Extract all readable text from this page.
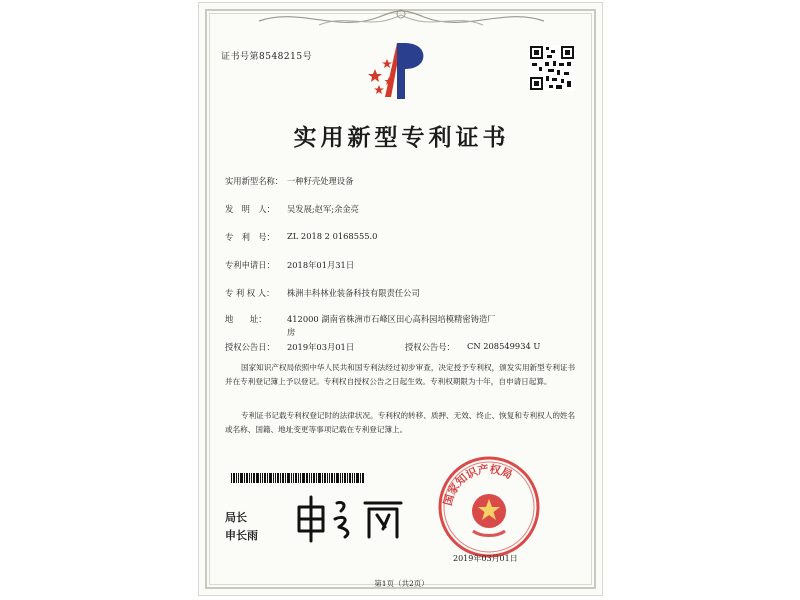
证书号第8548215号
实用新型专利证书
实用新型名称： 一种籽壳处理设备
发　明　人：	吴发展;赵军;余金亮
专　利　号：	ZL 2018 2 0168555.0
专利申请日：	2018年01月31日
专 利 权 人：	株洲丰科林业装备科技有限责任公司
地　　址：	412000 湖南省株洲市石峰区田心高科园培模精密铸造厂房
授权公告日：	2019年03月01日	授权公告号：	CN 208549934 U
国家知识产权局依照中华人民共和国专利法经过初步审查，决定授予专利权，颁发实用新型专利证书并在专利登记簿上予以登记。专利权自授权公告之日起生效。专利权期限为十年，自申请日起算。
专利证书记载专利权登记时的法律状况。专利权的转移、质押、无效、终止、恢复和专利权人的姓名或名称、国籍、地址变更等事项记载在专利登记簿上。
局长
申长雨
国家知识产权局
2019年03月01日
第1页（共2页）
